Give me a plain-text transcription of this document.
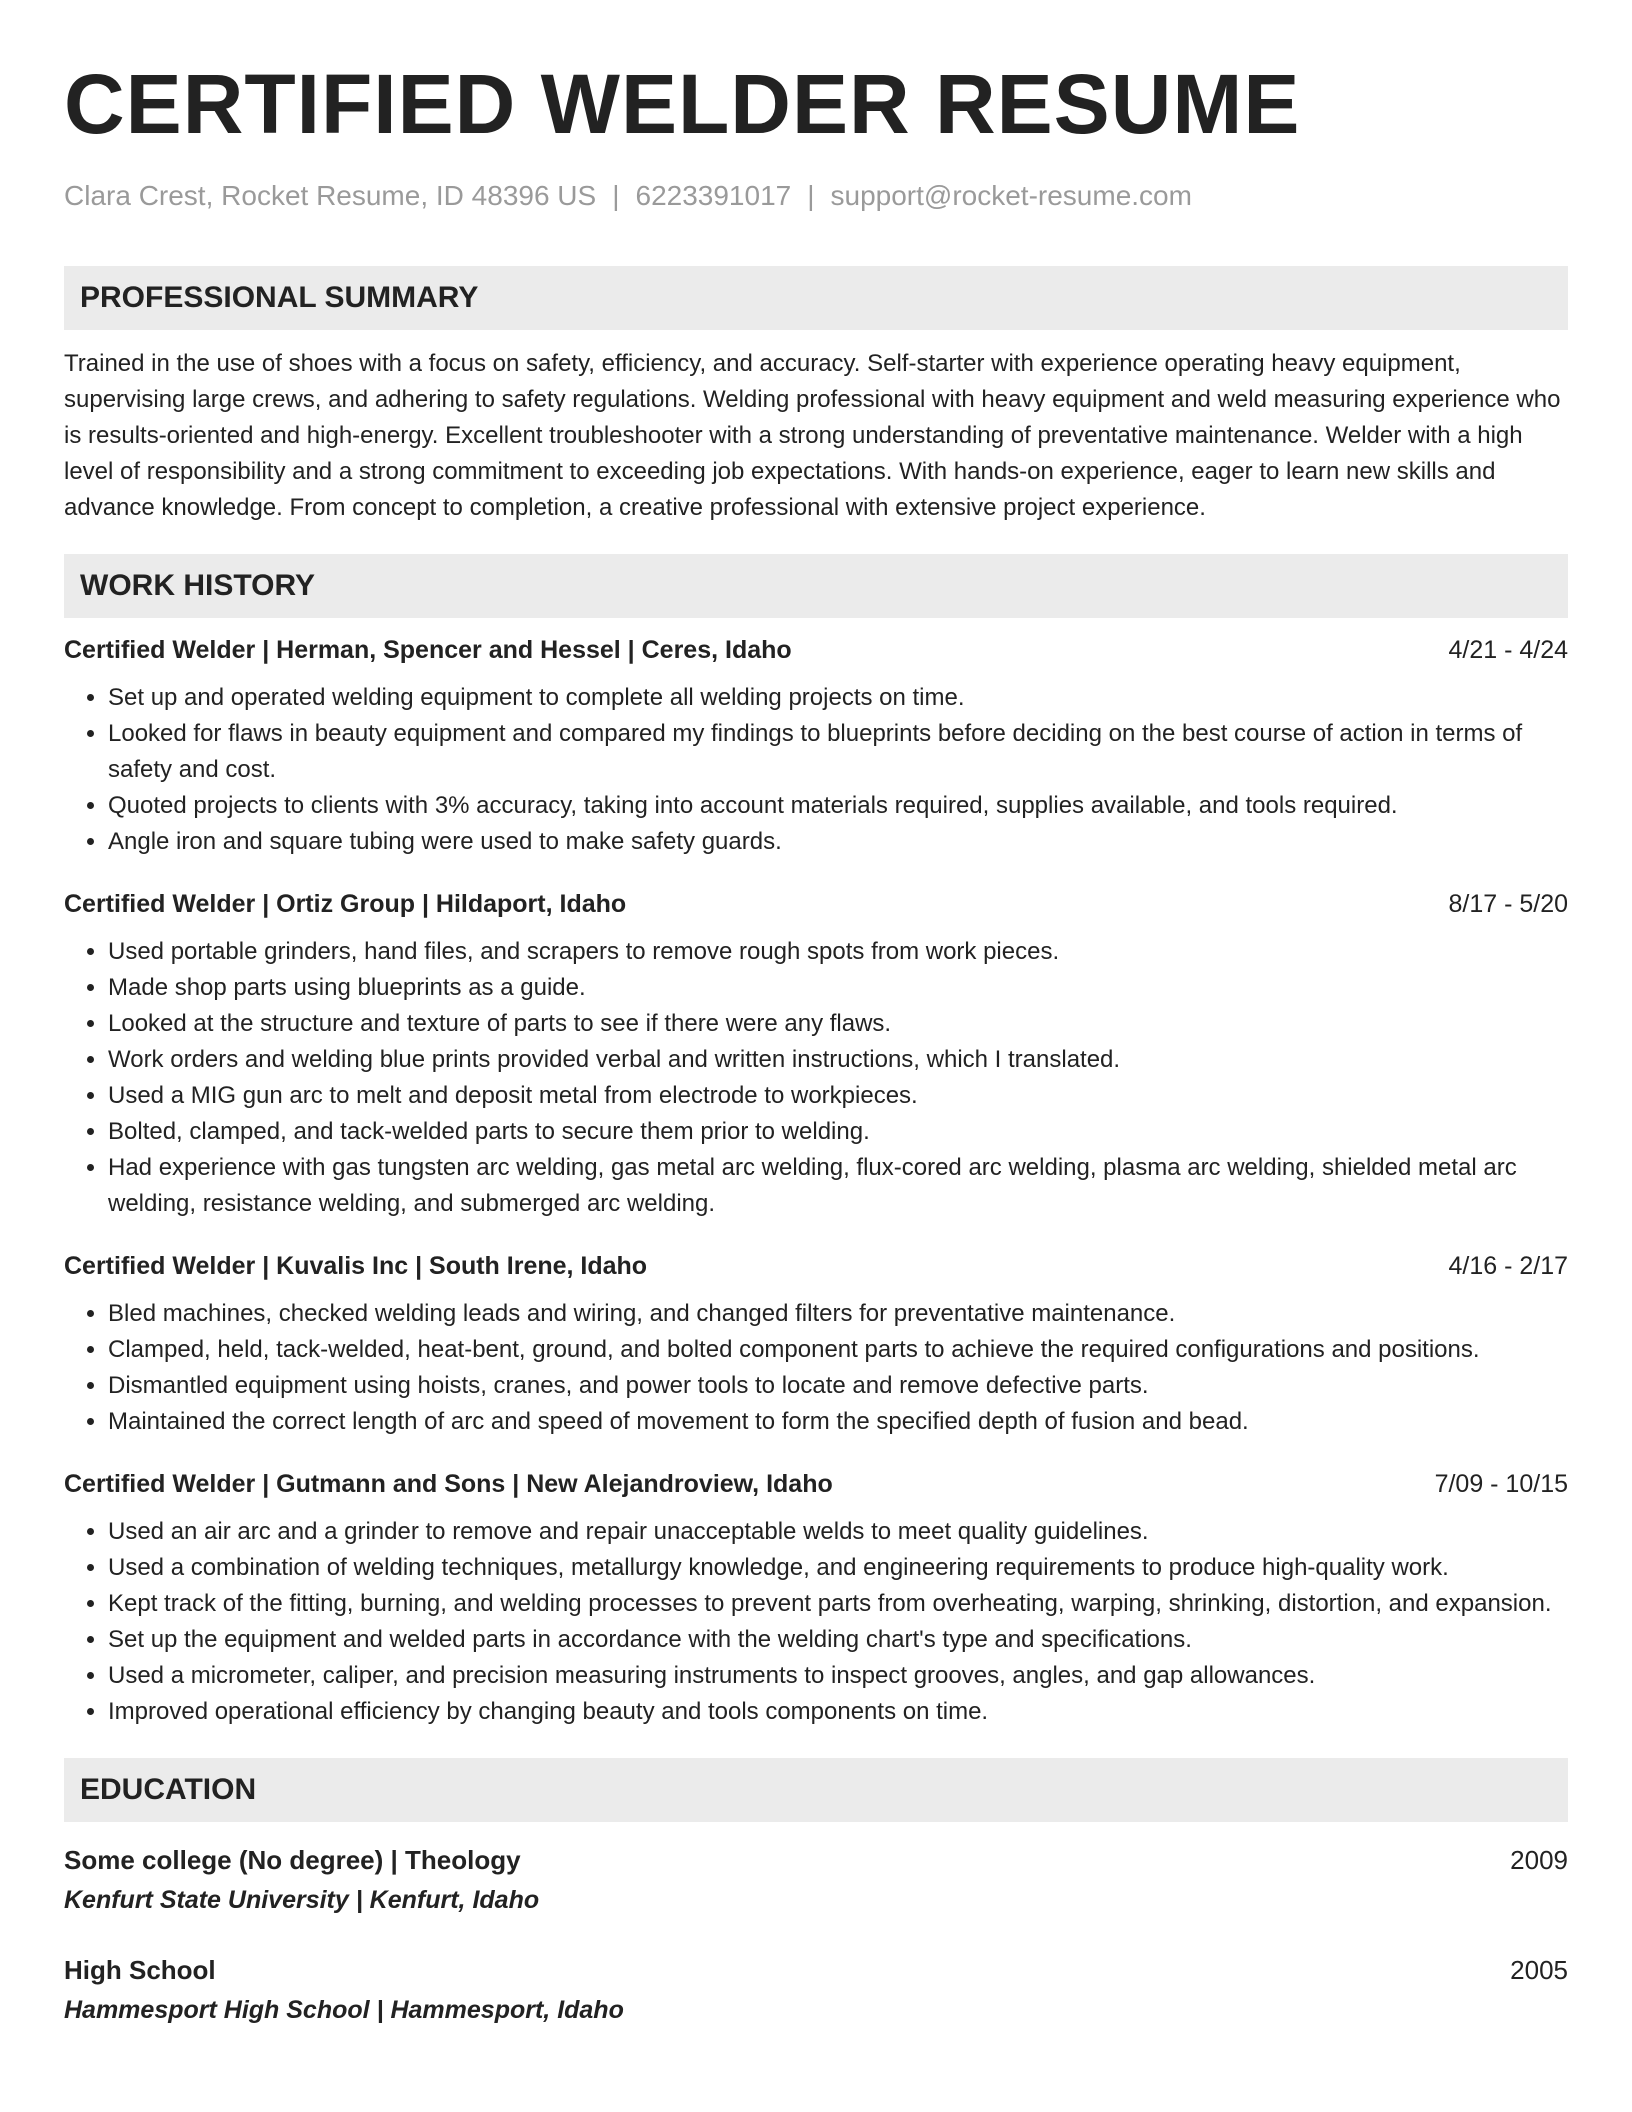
CERTIFIED WELDER RESUME
Clara Crest, Rocket Resume, ID 48396 US | 6223391017 | support@rocket-resume.com
PROFESSIONAL SUMMARY
Trained in the use of shoes with a focus on safety, efficiency, and accuracy. Self-starter with experience operating heavy equipment, supervising large crews, and adhering to safety regulations. Welding professional with heavy equipment and weld measuring experience who is results-oriented and high-energy. Excellent troubleshooter with a strong understanding of preventative maintenance. Welder with a high level of responsibility and a strong commitment to exceeding job expectations. With hands-on experience, eager to learn new skills and advance knowledge. From concept to completion, a creative professional with extensive project experience.
WORK HISTORY
Certified Welder | Herman, Spencer and Hessel | Ceres, Idaho	4/21 - 4/24
• Set up and operated welding equipment to complete all welding projects on time.
• Looked for flaws in beauty equipment and compared my findings to blueprints before deciding on the best course of action in terms of safety and cost.
• Quoted projects to clients with 3% accuracy, taking into account materials required, supplies available, and tools required.
• Angle iron and square tubing were used to make safety guards.
Certified Welder | Ortiz Group | Hildaport, Idaho	8/17 - 5/20
• Used portable grinders, hand files, and scrapers to remove rough spots from work pieces.
• Made shop parts using blueprints as a guide.
• Looked at the structure and texture of parts to see if there were any flaws.
• Work orders and welding blue prints provided verbal and written instructions, which I translated.
• Used a MIG gun arc to melt and deposit metal from electrode to workpieces.
• Bolted, clamped, and tack-welded parts to secure them prior to welding.
• Had experience with gas tungsten arc welding, gas metal arc welding, flux-cored arc welding, plasma arc welding, shielded metal arc welding, resistance welding, and submerged arc welding.
Certified Welder | Kuvalis Inc | South Irene, Idaho	4/16 - 2/17
• Bled machines, checked welding leads and wiring, and changed filters for preventative maintenance.
• Clamped, held, tack-welded, heat-bent, ground, and bolted component parts to achieve the required configurations and positions.
• Dismantled equipment using hoists, cranes, and power tools to locate and remove defective parts.
• Maintained the correct length of arc and speed of movement to form the specified depth of fusion and bead.
Certified Welder | Gutmann and Sons | New Alejandroview, Idaho	7/09 - 10/15
• Used an air arc and a grinder to remove and repair unacceptable welds to meet quality guidelines.
• Used a combination of welding techniques, metallurgy knowledge, and engineering requirements to produce high-quality work.
• Kept track of the fitting, burning, and welding processes to prevent parts from overheating, warping, shrinking, distortion, and expansion.
• Set up the equipment and welded parts in accordance with the welding chart's type and specifications.
• Used a micrometer, caliper, and precision measuring instruments to inspect grooves, angles, and gap allowances.
• Improved operational efficiency by changing beauty and tools components on time.
EDUCATION
Some college (No degree) | Theology	2009
Kenfurt State University | Kenfurt, Idaho
High School	2005
Hammesport High School | Hammesport, Idaho
